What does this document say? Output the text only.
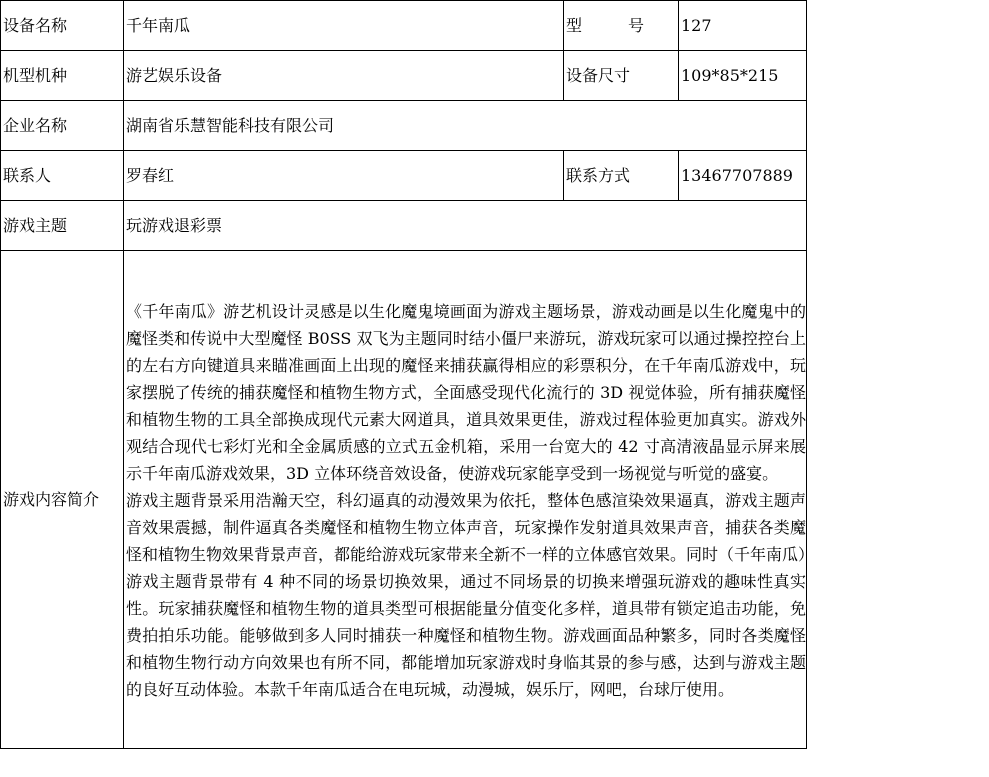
设备名称	千年南瓜	型 号	127
机型机种	游艺娱乐设备	设备尺寸	109*85*215
企业名称	湖南省乐慧智能科技有限公司		
联系人	罗春红	联系方式	13467707889
游戏主题	玩游戏退彩票		
游戏内容简介	《千年南瓜》游艺机设计灵感是以生化魔鬼境画面为游戏主题场景，游戏动画是以生化魔鬼中的魔怪类和传说中大型魔怪 B0SS 双飞为主题同时结小僵尸来游玩，游戏玩家可以通过操控控台上的左右方向键道具来瞄准画面上出现的魔怪来捕获赢得相应的彩票积分，在千年南瓜游戏中，玩家摆脱了传统的捕获魔怪和植物生物方式，全面感受现代化流行的 3D 视觉体验，所有捕获魔怪和植物生物的工具全部换成现代元素大网道具，道具效果更佳，游戏过程体验更加真实。游戏外观结合现代七彩灯光和全金属质感的立式五金机箱，采用一台宽大的 42 寸高清液晶显示屏来展示千年南瓜游戏效果，3D 立体环绕音效设备，使游戏玩家能享受到一场视觉与听觉的盛宴。

游戏主题背景采用浩瀚天空，科幻逼真的动漫效果为依托，整体色感渲染效果逼真，游戏主题声音效果震撼，制件逼真各类魔怪和植物生物立体声音，玩家操作发射道具效果声音，捕获各类魔怪和植物生物效果背景声音，都能给游戏玩家带来全新不一样的立体感官效果。同时（千年南瓜）游戏主题背景带有 4 种不同的场景切换效果，通过不同场景的切换来增强玩游戏的趣味性真实性。玩家捕获魔怪和植物生物的道具类型可根据能量分值变化多样，道具带有锁定追击功能，免费拍拍乐功能。能够做到多人同时捕获一种魔怪和植物生物。游戏画面品种繁多，同时各类魔怪和植物生物行动方向效果也有所不同，都能增加玩家游戏时身临其景的参与感，达到与游戏主题的良好互动体验。本款千年南瓜适合在电玩城，动漫城，娱乐厅，网吧，台球厅使用。		
